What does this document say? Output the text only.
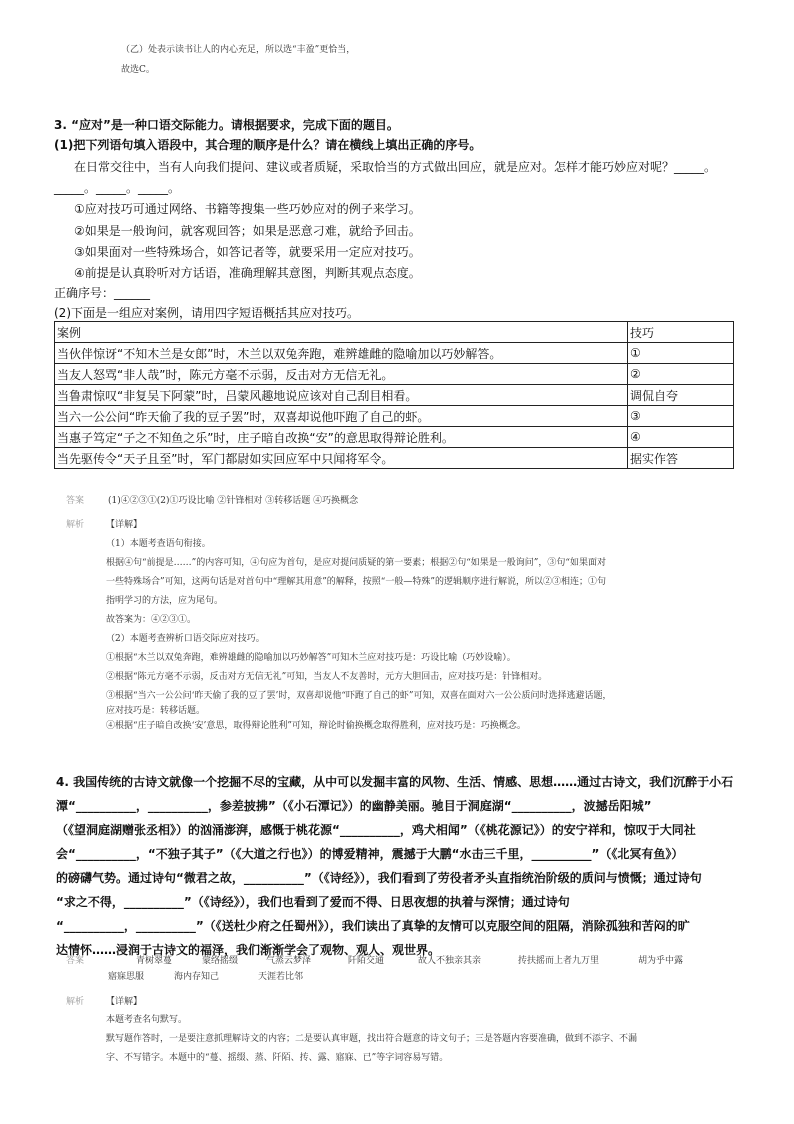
（乙）处表示读书让人的内心充足，所以选“丰盈”更恰当，
故选C。
3. “应对”是一种口语交际能力。请根据要求，完成下面的题目。
(1)把下列语句填入语段中，其合理的顺序是什么？请在横线上填出正确的序号。
在日常交往中，当有人向我们提问、建议或者质疑，采取恰当的方式做出回应，就是应对。怎样才能巧妙应对呢？_____。
_____。_____。_____。
①应对技巧可通过网络、书籍等搜集一些巧妙应对的例子来学习。
②如果是一般询问，就客观回答；如果是恶意刁难，就给予回击。
③如果面对一些特殊场合，如答记者等，就要采用一定应对技巧。
④前提是认真聆听对方话语，准确理解其意图，判断其观点态度。
正确序号：______
(2)下面是一组应对案例，请用四字短语概括其应对技巧。
案例	技巧
当伙伴惊讶“不知木兰是女郎”时，木兰以双兔奔跑，难辨雄雌的隐喻加以巧妙解答。	①
当友人怒骂“非人哉”时，陈元方毫不示弱，反击对方无信无礼。	②
当鲁肃惊叹“非复吴下阿蒙”时，吕蒙风趣地说应该对自己刮目相看。	调侃自夸
当六一公公问“昨天偷了我的豆子罢”时，双喜却说他吓跑了自己的虾。	③
当惠子笃定“子之不知鱼之乐”时，庄子暗自改换“安”的意思取得辩论胜利。	④
当先驱传令“天子且至”时，军门都尉如实回应军中只闻将军令。	据实作答
答案	(1)④②③①(2)①巧设比喻 ②针锋相对 ③转移话题 ④巧换概念
解析 【详解】
（1）本题考查语句衔接。
根据④句“前提是……”的内容可知，④句应为首句，是应对提问质疑的第一要素；根据②句“如果是一般询问”，③句“如果面对
一些特殊场合”可知，这两句话是对首句中“理解其用意”的解释，按照“一般—特殊”的逻辑顺序进行解说，所以②③相连；①句
指明学习的方法，应为尾句。
故答案为：④②③①。
（2）本题考查辨析口语交际应对技巧。
①根据“木兰以双兔奔跑，难辨雄雌的隐喻加以巧妙解答”可知木兰应对技巧是：巧设比喻（巧妙设喻）。
②根据“陈元方毫不示弱，反击对方无信无礼”可知，当友人不友善时，元方大胆回击，应对技巧是：针锋相对。
③根据“当六一公公问‘昨天偷了我的豆了罢’时，双喜却说他“吓跑了自己的虾”可知，双喜在面对六一公公质问时选择逃避话题，
应对技巧是：转移话题。
④根据“庄子暗自改换‘安’意思，取得辩论胜利”可知，辩论时偷换概念取得胜利，应对技巧是：巧换概念。
4. 我国传统的古诗文就像一个挖掘不尽的宝藏，从中可以发掘丰富的风物、生活、情感、思想……通过古诗文，我们沉醉于小石
潭“__________，__________，参差披拂”（《小石潭记》）的幽静美丽。驰目于洞庭湖“__________，波撼岳阳城”
（《望洞庭湖赠张丞相》）的汹涌澎湃，感慨于桃花源“__________，鸡犬相闻”（《桃花源记》）的安宁祥和，惊叹于大同社
会“__________，“不独子其子”（《大道之行也》）的博爱精神，震撼于大鹏“水击三千里，__________”（《北冥有鱼》）
的磅礴气势。通过诗句“微君之故，__________”（《诗经》），我们看到了劳役者矛头直指统治阶级的质问与愤慨；通过诗句
“求之不得，__________”（《诗经》），我们也看到了爱而不得、日思夜想的执着与深情；通过诗句
“__________，__________”（《送杜少府之任蜀州》），我们读出了真挚的友情可以克服空间的阻隔，消除孤独和苦闷的旷
达情怀……浸润于古诗文的福泽，我们渐渐学会了观物、观人、观世界。
答案	青树翠蔓	蒙络摇缀	气蒸云梦泽	阡陌交通	故人不独亲其亲	抟扶摇而上者九万里	胡为乎中露
寤寐思服	海内存知己	天涯若比邻
解析 【详解】
本题考查名句默写。
默写题作答时，一是要注意抓理解诗文的内容；二是要认真审题，找出符合题意的诗文句子；三是答题内容要准确，做到不添字、不漏
字、不写错字。本题中的“蔓、摇缀、蒸、阡陌、抟、露、寤寐、已”等字词容易写错。
